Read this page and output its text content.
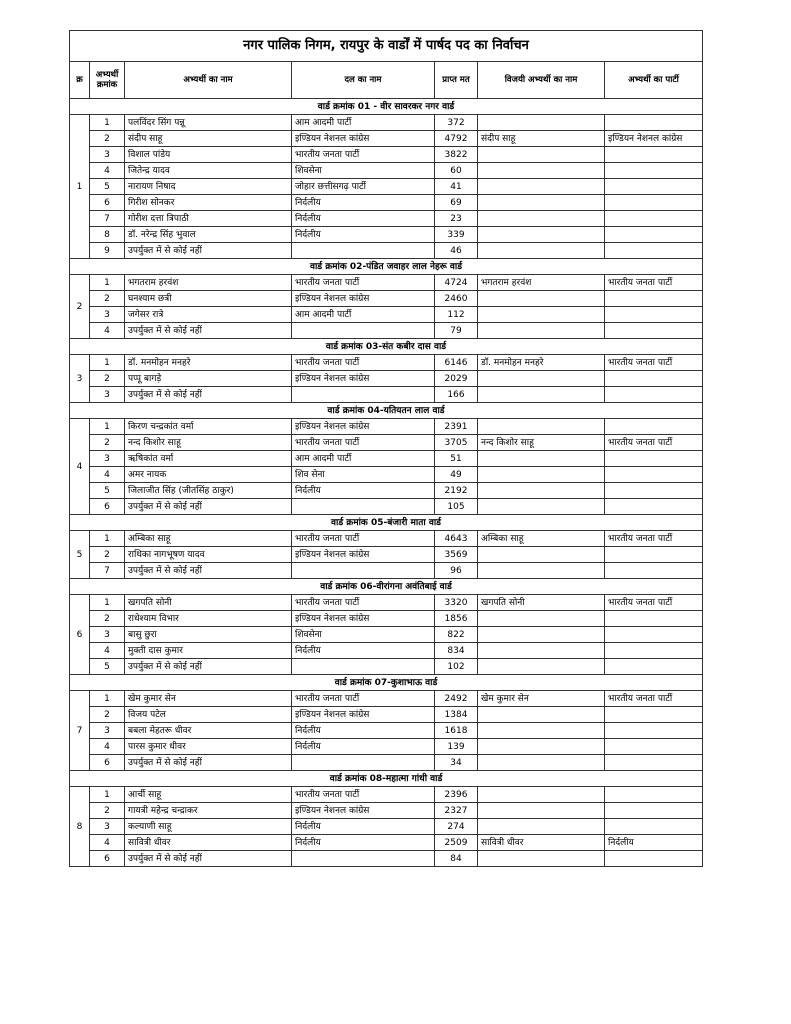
नगर पालिक निगम, रायपुर के वार्डों में पार्षद पद का निर्वाचन						
क्र	अभ्यर्थी क्रमांक	अभ्यर्थी का नाम	दल का नाम	प्राप्त मत	विजयी अभ्यर्थी का नाम	अभ्यर्थी का पार्टी
वार्ड क्रमांक 01 - वीर सावरकर नगर वार्ड						
1	1	पलविंदर सिंग पन्नू	आम आदमी पार्टी	372		
	2	संदीप साहू	इण्डियन नेशनल कांग्रेस	4792	संदीप साहू	इण्डियन नेशनल कांग्रेस
	3	विशाल पांडेय	भारतीय जनता पार्टी	3822		
	4	जितेन्द्र यादव	शिवसेना	60		
	5	नारायण निषाद	जोहार छत्तीसगढ़ पार्टी	41		
	6	गिरीश सोनकर	निर्दलीय	69		
	7	गोरीश दत्ता त्रिपाठी	निर्दलीय	23		
	8	डॉ. नरेन्द्र सिंह भुवाल	निर्दलीय	339		
	9	उपर्युक्त में से कोई नहीं		46		
वार्ड क्रमांक 02-पंडित जवाहर लाल नेहरू वार्ड						
2	1	भगतराम हरवंश	भारतीय जनता पार्टी	4724	भगतराम हरवंश	भारतीय जनता पार्टी
	2	घनश्याम छत्री	इण्डियन नेशनल कांग्रेस	2460		
	3	जगेसर रात्रे	आम आदमी पार्टी	112		
	4	उपर्युक्त में से कोई नहीं		79		
वार्ड क्रमांक 03-संत कबीर दास वार्ड						
3	1	डॉ. मनमोहन मनहरे	भारतीय जनता पार्टी	6146	डॉ. मनमोहन मनहरे	भारतीय जनता पार्टी
	2	पप्पू बागड़े	इण्डियन नेशनल कांग्रेस	2029		
	3	उपर्युक्त में से कोई नहीं		166		
वार्ड क्रमांक 04-यतियतन लाल वार्ड						
4	1	किरण चन्द्रकांत वर्मा	इण्डियन नेशनल कांग्रेस	2391		
	2	नन्द किशोर साहू	भारतीय जनता पार्टी	3705	नन्द किशोर साहू	भारतीय जनता पार्टी
	3	ऋषिकांत वर्मा	आम आदमी पार्टी	51		
	4	अमर नायक	शिव सेना	49		
	5	जिलाजीत सिंह (जीतसिंह ठाकुर)	निर्दलीय	2192		
	6	उपर्युक्त में से कोई नहीं		105		
वार्ड क्रमांक 05-बंजारी माता वार्ड						
5	1	अम्बिका साहू	भारतीय जनता पार्टी	4643	अम्बिका साहू	भारतीय जनता पार्टी
	2	राधिका नागभूषण यादव	इण्डियन नेशनल कांग्रेस	3569		
	7	उपर्युक्त में से कोई नहीं		96		
वार्ड क्रमांक 06-वीरांगना अवंतिबाई वार्ड						
6	1	खगपति सोनी	भारतीय जनता पार्टी	3320	खगपति सोनी	भारतीय जनता पार्टी
	2	राधेश्याम विभार	इण्डियन नेशनल कांग्रेस	1856		
	3	बासु छुरा	शिवसेना	822		
	4	मुक्ती दास कुमार	निर्दलीय	834		
	5	उपर्युक्त में से कोई नहीं		102		
वार्ड क्रमांक 07-कुशाभाऊ वार्ड						
7	1	खेम कुमार सेन	भारतीय जनता पार्टी	2492	खेम कुमार सेन	भारतीय जनता पार्टी
	2	विजय पटेल	इण्डियन नेशनल कांग्रेस	1384		
	3	बबला मेहतरू धीवर	निर्दलीय	1618		
	4	पारस कुमार धीवर	निर्दलीय	139		
	6	उपर्युक्त में से कोई नहीं		34		
वार्ड क्रमांक 08-महात्मा गांधी वार्ड						
8	1	आर्ची साहू	भारतीय जनता पार्टी	2396		
	2	गायत्री महेन्द्र चन्द्राकर	इण्डियन नेशनल कांग्रेस	2327		
	3	कल्याणी साहू	निर्दलीय	274		
	4	सावित्री धीवर	निर्दलीय	2509	सावित्री धीवर	निर्दलीय
	6	उपर्युक्त में से कोई नहीं		84		
